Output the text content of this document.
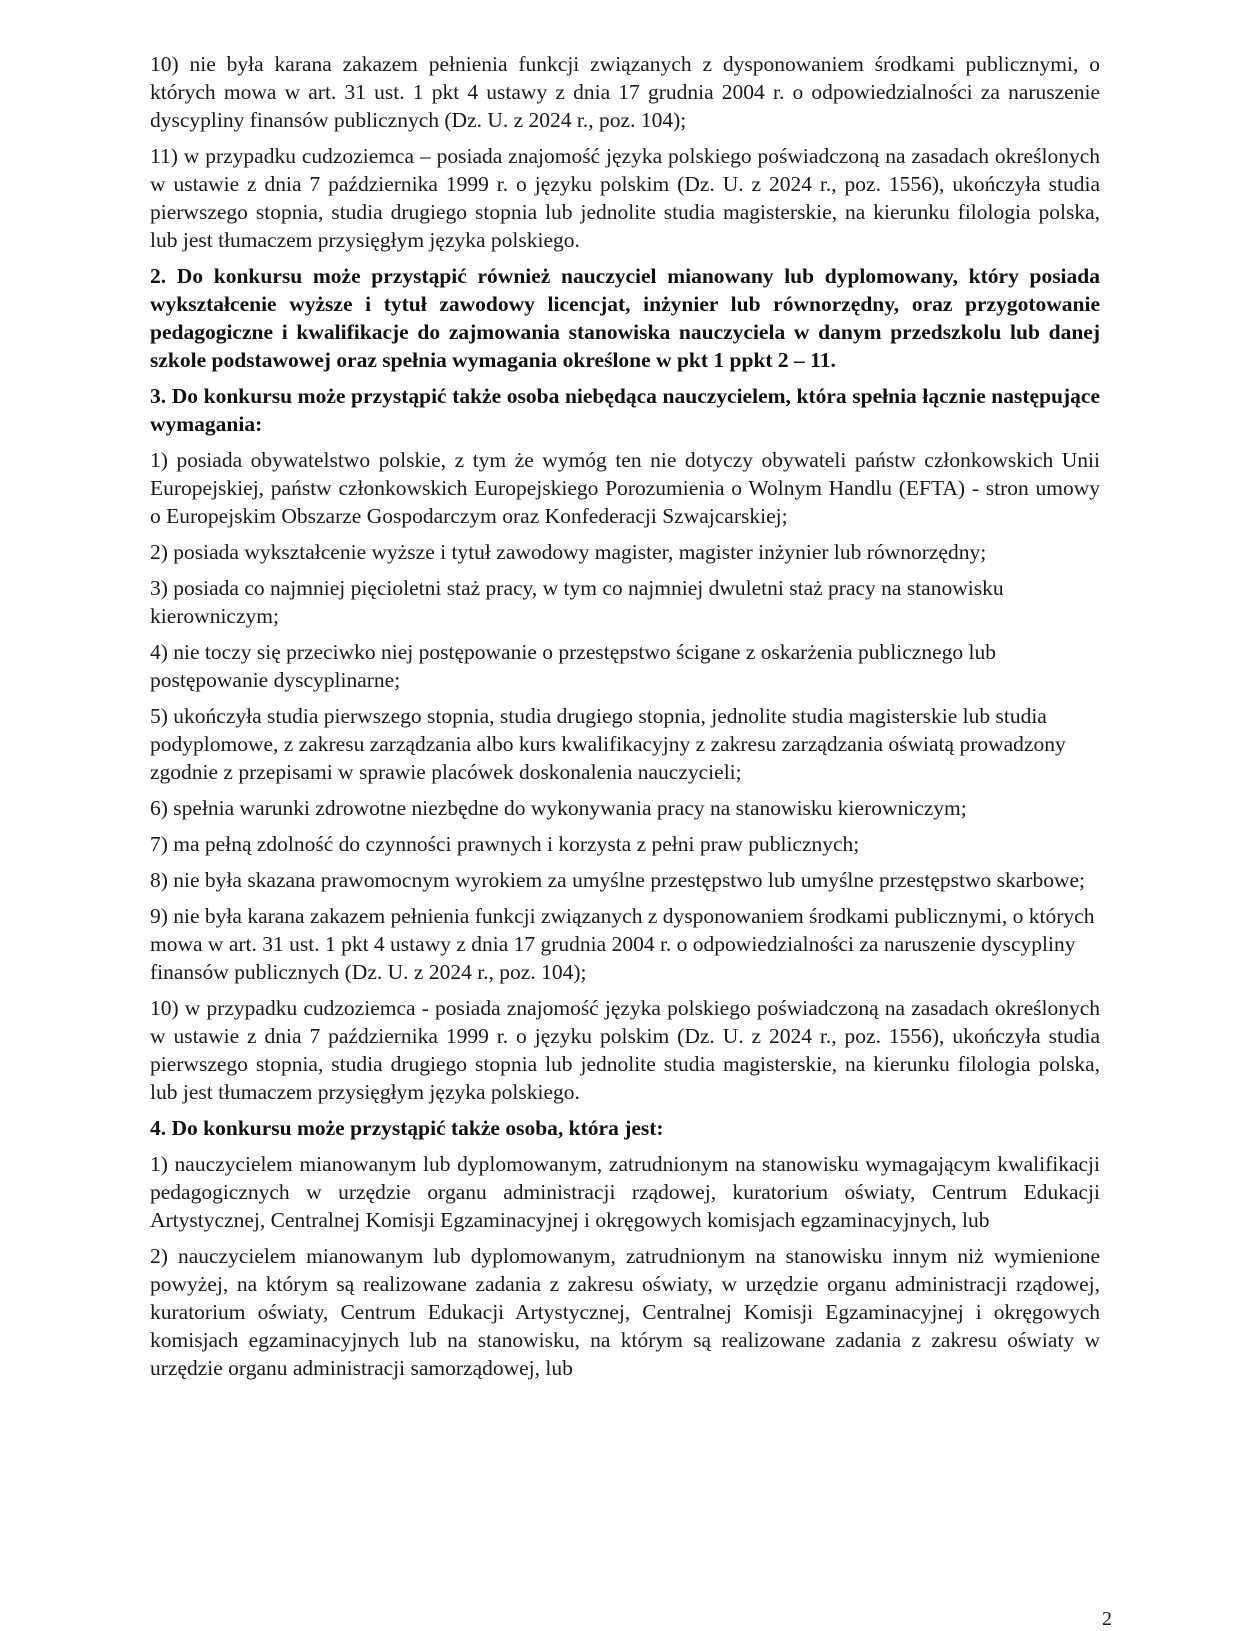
10) nie była karana zakazem pełnienia funkcji związanych z dysponowaniem środkami publicznymi, o których mowa w art. 31 ust. 1 pkt 4 ustawy z dnia 17 grudnia 2004 r. o odpowiedzialności za naruszenie dyscypliny finansów publicznych (Dz. U. z 2024 r., poz. 104);

11) w przypadku cudzoziemca – posiada znajomość języka polskiego poświadczoną na zasadach określonych w ustawie z dnia 7 października 1999 r. o języku polskim (Dz. U. z 2024 r., poz. 1556), ukończyła studia pierwszego stopnia, studia drugiego stopnia lub jednolite studia magisterskie, na kierunku filologia polska, lub jest tłumaczem przysięgłym języka polskiego.

2. Do konkursu może przystąpić również nauczyciel mianowany lub dyplomowany, który posiada wykształcenie wyższe i tytuł zawodowy licencjat, inżynier lub równorzędny, oraz przygotowanie pedagogiczne i kwalifikacje do zajmowania stanowiska nauczyciela w danym przedszkolu lub danej szkole podstawowej oraz spełnia wymagania określone w pkt 1 ppkt 2 – 11.

3. Do konkursu może przystąpić także osoba niebędąca nauczycielem, która spełnia łącznie następujące wymagania:

1) posiada obywatelstwo polskie, z tym że wymóg ten nie dotyczy obywateli państw członkowskich Unii Europejskiej, państw członkowskich Europejskiego Porozumienia o Wolnym Handlu (EFTA) - stron umowy o Europejskim Obszarze Gospodarczym oraz Konfederacji Szwajcarskiej;

2) posiada wykształcenie wyższe i tytuł zawodowy magister, magister inżynier lub równorzędny;

3) posiada co najmniej pięcioletni staż pracy, w tym co najmniej dwuletni staż pracy na stanowisku kierowniczym;

4) nie toczy się przeciwko niej postępowanie o przestępstwo ścigane z oskarżenia publicznego lub postępowanie dyscyplinarne;

5) ukończyła studia pierwszego stopnia, studia drugiego stopnia, jednolite studia magisterskie lub studia podyplomowe, z zakresu zarządzania albo kurs kwalifikacyjny z zakresu zarządzania oświatą prowadzony zgodnie z przepisami w sprawie placówek doskonalenia nauczycieli;

6) spełnia warunki zdrowotne niezbędne do wykonywania pracy na stanowisku kierowniczym;

7) ma pełną zdolność do czynności prawnych i korzysta z pełni praw publicznych;

8) nie była skazana prawomocnym wyrokiem za umyślne przestępstwo lub umyślne przestępstwo skarbowe;

9) nie była karana zakazem pełnienia funkcji związanych z dysponowaniem środkami publicznymi, o których mowa w art. 31 ust. 1 pkt 4 ustawy z dnia 17 grudnia 2004 r. o odpowiedzialności za naruszenie dyscypliny finansów publicznych (Dz. U. z 2024 r., poz. 104);

10) w przypadku cudzoziemca - posiada znajomość języka polskiego poświadczoną na zasadach określonych w ustawie z dnia 7 października 1999 r. o języku polskim (Dz. U. z 2024 r., poz. 1556), ukończyła studia pierwszego stopnia, studia drugiego stopnia lub jednolite studia magisterskie, na kierunku filologia polska, lub jest tłumaczem przysięgłym języka polskiego.

4. Do konkursu może przystąpić także osoba, która jest:

1) nauczycielem mianowanym lub dyplomowanym, zatrudnionym na stanowisku wymagającym kwalifikacji pedagogicznych w urzędzie organu administracji rządowej, kuratorium oświaty, Centrum Edukacji Artystycznej, Centralnej Komisji Egzaminacyjnej i okręgowych komisjach egzaminacyjnych, lub

2) nauczycielem mianowanym lub dyplomowanym, zatrudnionym na stanowisku innym niż wymienione powyżej, na którym są realizowane zadania z zakresu oświaty, w urzędzie organu administracji rządowej, kuratorium oświaty, Centrum Edukacji Artystycznej, Centralnej Komisji Egzaminacyjnej i okręgowych komisjach egzaminacyjnych lub na stanowisku, na którym są realizowane zadania z zakresu oświaty w urzędzie organu administracji samorządowej, lub

2
